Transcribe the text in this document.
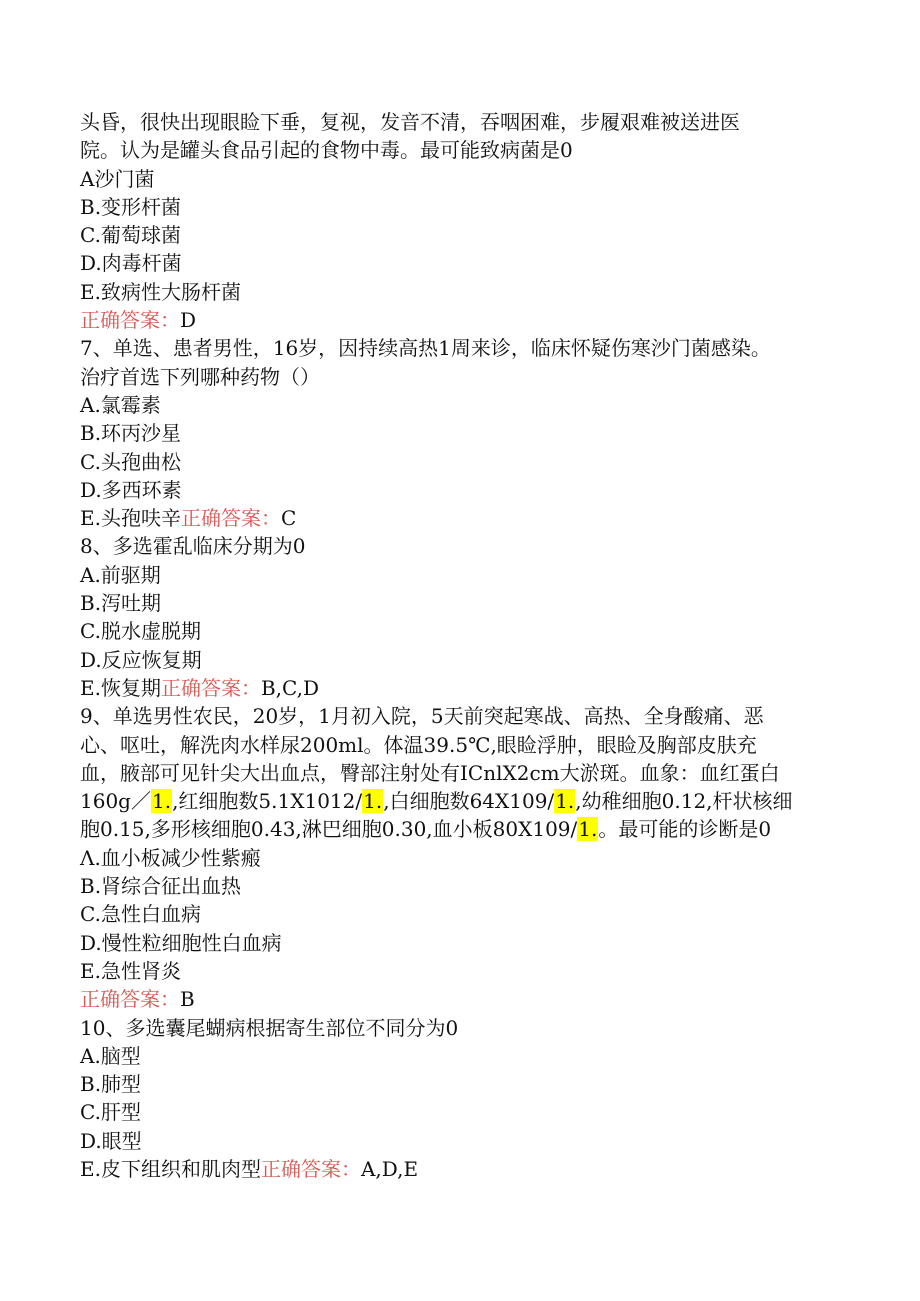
头昏，很快出现眼睑下垂，复视，发音不清，吞咽困难，步履艰难被送进医
院。认为是罐头食品引起的食物中毒。最可能致病菌是0
A沙门菌
B.变形杆菌
C.葡萄球菌
D.肉毒杆菌
E.致病性大肠杆菌
正确答案：D
7、单选、患者男性，16岁，因持续高热1周来诊，临床怀疑伤寒沙门菌感染。
治疗首选下列哪种药物（）
A.氯霉素
B.环丙沙星
C.头孢曲松
D.多西环素
E.头孢呋辛正确答案：C
8、多选霍乱临床分期为0
A.前驱期
B.泻吐期
C.脱水虚脱期
D.反应恢复期
E.恢复期正确答案：B,C,D
9、单选男性农民，20岁，1月初入院，5天前突起寒战、高热、全身酸痛、恶
心、呕吐，解洗肉水样尿200ml。体温39.5℃,眼睑浮肿，眼睑及胸部皮肤充
血，腋部可见针尖大出血点，臀部注射处有ICnlX2cm大淤斑。血象：血红蛋白
160g／1.,红细胞数5.1X1012/1.,白细胞数64X109/1.,幼稚细胞0.12,杆状核细
胞0.15,多形核细胞0.43,淋巴细胞0.30,血小板80X109/1.。最可能的诊断是0
Λ.血小板减少性紫瘢
B.肾综合征出血热
C.急性白血病
D.慢性粒细胞性白血病
E.急性肾炎
正确答案：B
10、多选囊尾蝴病根据寄生部位不同分为0
A.脑型
B.肺型
C.肝型
D.眼型
E.皮下组织和肌肉型正确答案：A,D,E
